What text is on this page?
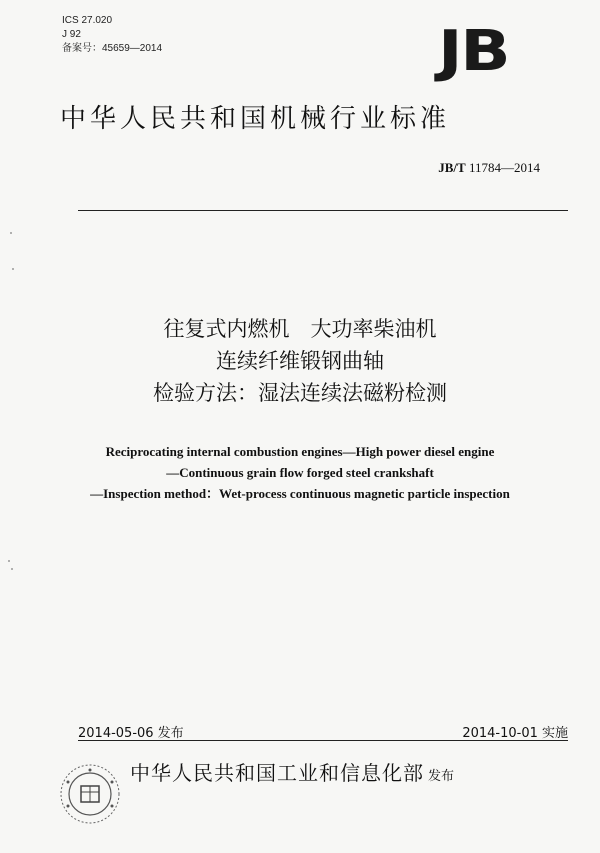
ICS 27.020
J 92
备案号：45659—2014	JB
中华人民共和国机械行业标准
JB/T 11784—2014
往复式内燃机　大功率柴油机
连续纤维锻钢曲轴
检验方法：湿法连续法磁粉检测
Reciprocating internal combustion engines—High power diesel engine
—Continuous grain flow forged steel crankshaft
—Inspection method：Wet-process continuous magnetic particle inspection
2014-05-06 发布	2014-10-01 实施
中华人民共和国工业和信息化部 发布
